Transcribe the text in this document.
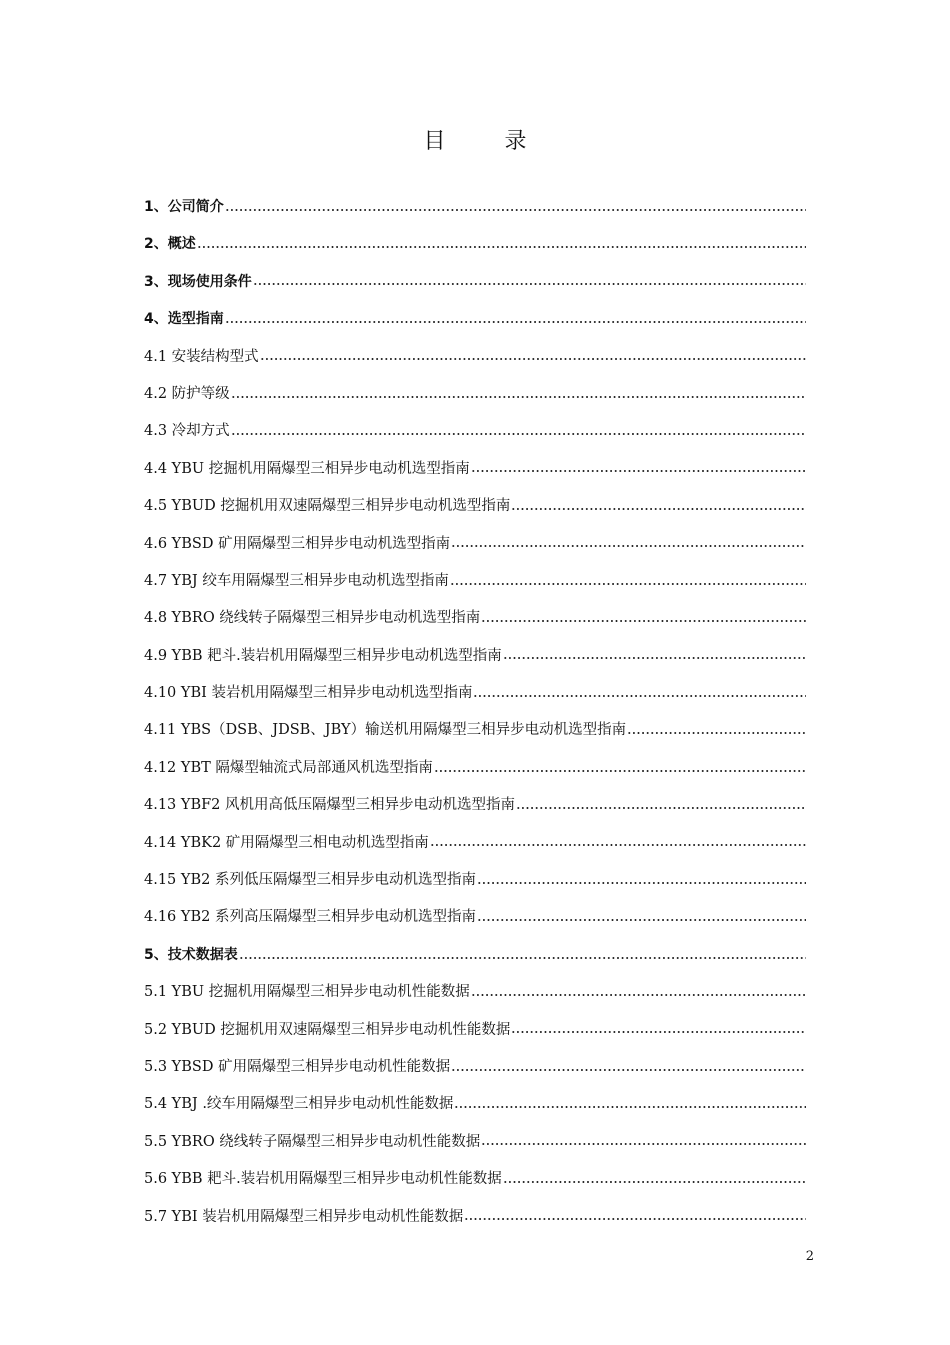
目 录
1、公司简介
2、概述
3、现场使用条件
4、选型指南
4.1 安装结构型式
4.2 防护等级
4.3 冷却方式
4.4 YBU 挖掘机用隔爆型三相异步电动机选型指南
4.5 YBUD 挖掘机用双速隔爆型三相异步电动机选型指南
4.6 YBSD 矿用隔爆型三相异步电动机选型指南
4.7 YBJ 绞车用隔爆型三相异步电动机选型指南
4.8 YBRO 绕线转子隔爆型三相异步电动机选型指南
4.9 YBB 耙斗.装岩机用隔爆型三相异步电动机选型指南
4.10 YBI 装岩机用隔爆型三相异步电动机选型指南
4.11 YBS（DSB、JDSB、JBY）输送机用隔爆型三相异步电动机选型指南
4.12 YBT 隔爆型轴流式局部通风机选型指南
4.13 YBF2 风机用高低压隔爆型三相异步电动机选型指南
4.14 YBK2 矿用隔爆型三相电动机选型指南
4.15 YB2 系列低压隔爆型三相异步电动机选型指南
4.16 YB2 系列高压隔爆型三相异步电动机选型指南
5、技术数据表
5.1 YBU 挖掘机用隔爆型三相异步电动机性能数据
5.2 YBUD 挖掘机用双速隔爆型三相异步电动机性能数据
5.3 YBSD 矿用隔爆型三相异步电动机性能数据
5.4 YBJ .绞车用隔爆型三相异步电动机性能数据
5.5 YBRO 绕线转子隔爆型三相异步电动机性能数据
5.6 YBB 耙斗.装岩机用隔爆型三相异步电动机性能数据
5.7 YBI 装岩机用隔爆型三相异步电动机性能数据
2
